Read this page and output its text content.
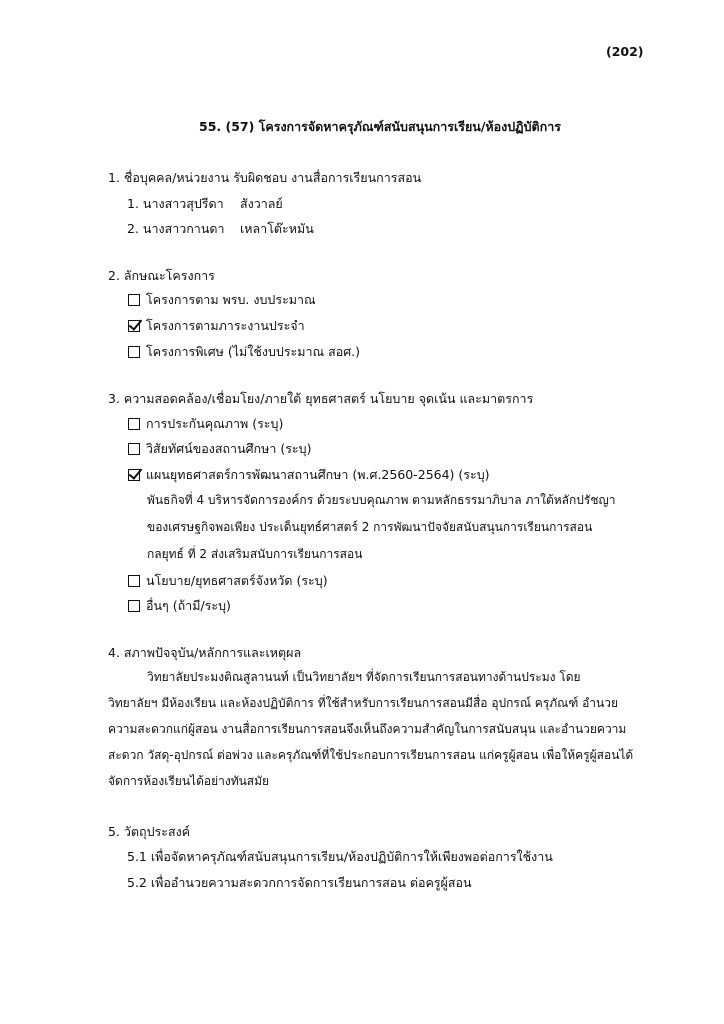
(202)
55. (57) โครงการจัดหาครุภัณฑ์สนับสนุนการเรียน/ห้องปฏิบัติการ
1. ชื่อบุคคล/หน่วยงาน รับผิดชอบ งานสื่อการเรียนการสอน
1. นางสาวสุปรีดา สังวาลย์
2. นางสาวกานดา เหลาโต๊ะหมัน
2. ลักษณะโครงการ
โครงการตาม พรบ. งบประมาณ
โครงการตามภาระงานประจำ
โครงการพิเศษ (ไม่ใช้งบประมาณ สอศ.)
3. ความสอดคล้อง/เชื่อมโยง/ภายใต้ ยุทธศาสตร์ นโยบาย จุดเน้น และมาตรการ
การประกันคุณภาพ (ระบุ)
วิสัยทัศน์ของสถานศึกษา (ระบุ)
แผนยุทธศาสตร์การพัฒนาสถานศึกษา (พ.ศ.2560-2564) (ระบุ)
พันธกิจที่ 4 บริหารจัดการองค์กร ด้วยระบบคุณภาพ ตามหลักธรรมาภิบาล ภาใต้หลักปรัชญา
ของเศรษฐกิจพอเพียง ประเด็นยุทธ์ศาสตร์ 2 การพัฒนาปัจจัยสนับสนุนการเรียนการสอน
กลยุทธ์ ที่ 2 ส่งเสริมสนับการเรียนการสอน
นโยบาย/ยุทธศาสตร์จังหวัด (ระบุ)
อื่นๆ (ถ้ามี/ระบุ)
4. สภาพปัจจุบัน/หลักการและเหตุผล
วิทยาลัยประมงติณสูลานนท์ เป็นวิทยาลัยฯ ที่จัดการเรียนการสอนทางด้านประมง โดย
วิทยาลัยฯ มีห้องเรียน และห้องปฏิบัติการ ที่ใช้สำหรับการเรียนการสอนมีสื่อ อุปกรณ์ ครุภัณฑ์ อำนวย
ความสะดวกแก่ผู้สอน งานสื่อการเรียนการสอนจึงเห็นถึงความสำคัญในการสนับสนุน และอำนวยความ
สะดวก วัสดุ-อุปกรณ์ ต่อพ่วง และครุภัณฑ์ที่ใช้ประกอบการเรียนการสอน แก่ครูผู้สอน เพื่อให้ครูผู้สอนได้
จัดการห้องเรียนได้อย่างทันสมัย
5. วัตถุประสงค์
5.1 เพื่อจัดหาครุภัณฑ์สนับสนุนการเรียน/ห้องปฏิบัติการให้เพียงพอต่อการใช้งาน
5.2 เพื่ออำนวยความสะดวกการจัดการเรียนการสอน ต่อครูผู้สอน
